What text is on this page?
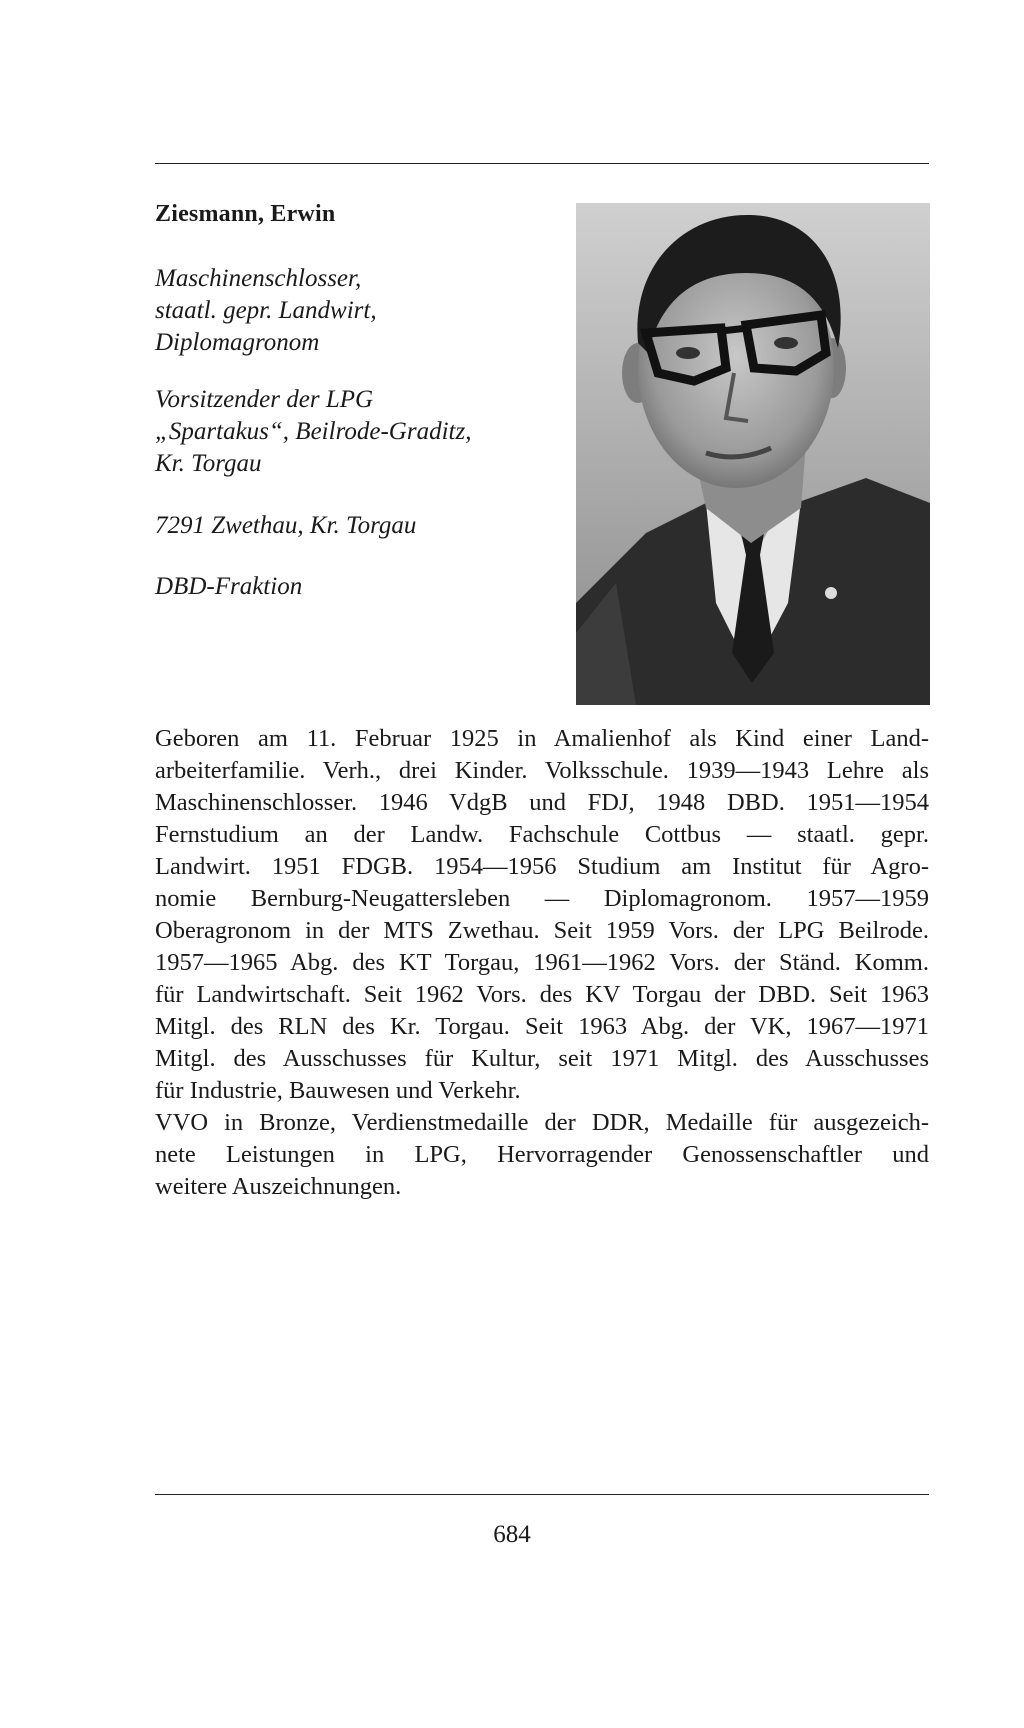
Ziesmann, Erwin
Maschinenschlosser,
staatl. gepr. Landwirt,
Diplomagronom
Vorsitzender der LPG
„Spartakus“, Beilrode-Graditz,
Kr. Torgau
7291 Zwethau, Kr. Torgau
DBD-Fraktion
Geboren am 11. Februar 1925 in Amalienhof als Kind einer Land-
arbeiterfamilie. Verh., drei Kinder. Volksschule. 1939—1943 Lehre als
Maschinenschlosser. 1946 VdgB und FDJ, 1948 DBD. 1951—1954
Fernstudium an der Landw. Fachschule Cottbus — staatl. gepr.
Landwirt. 1951 FDGB. 1954—1956 Studium am Institut für Agro-
nomie Bernburg-Neugattersleben — Diplomagronom. 1957—1959
Oberagronom in der MTS Zwethau. Seit 1959 Vors. der LPG Beilrode.
1957—1965 Abg. des KT Torgau, 1961—1962 Vors. der Ständ. Komm.
für Landwirtschaft. Seit 1962 Vors. des KV Torgau der DBD. Seit 1963
Mitgl. des RLN des Kr. Torgau. Seit 1963 Abg. der VK, 1967—1971
Mitgl. des Ausschusses für Kultur, seit 1971 Mitgl. des Ausschusses
für Industrie, Bauwesen und Verkehr.
VVO in Bronze, Verdienstmedaille der DDR, Medaille für ausgezeich-
nete Leistungen in LPG, Hervorragender Genossenschaftler und
weitere Auszeichnungen.
684
